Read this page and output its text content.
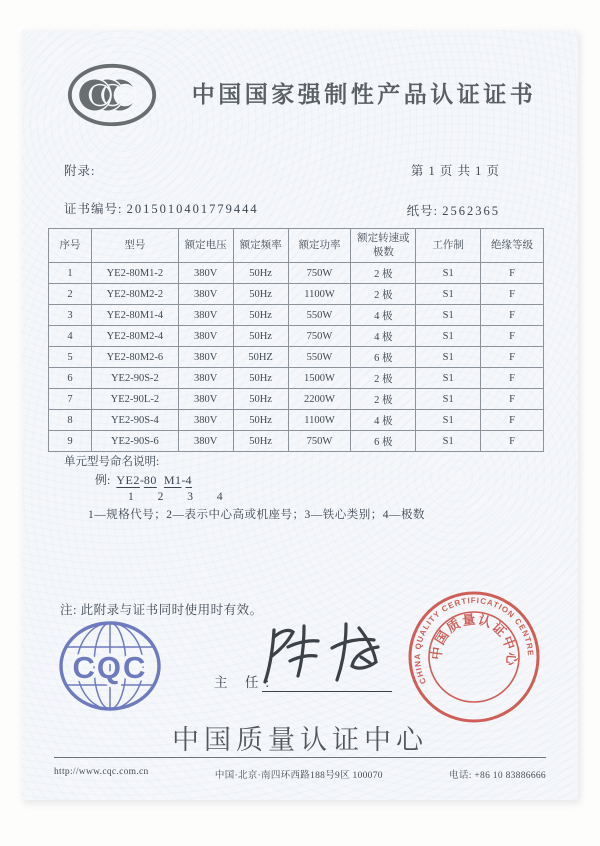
中国国家强制性产品认证证书
附录:	第 1 页 共 1 页
证书编号: 2015010401779444	纸号: 2562365
序号	型号	额定电压	额定频率	额定功率	额定转速或极数	工作制	绝缘等级
1	YE2-80M1-2	380V	50Hz	750W	2 极	S1	F
2	YE2-80M2-2	380V	50Hz	1100W	2 极	S1	F
3	YE2-80M1-4	380V	50Hz	550W	4 极	S1	F
4	YE2-80M2-4	380V	50Hz	750W	4 极	S1	F
5	YE2-80M2-6	380V	50HZ	550W	6 极	S1	F
6	YE2-90S-2	380V	50Hz	1500W	2 极	S1	F
7	YE2-90L-2	380V	50Hz	2200W	2 极	S1	F
8	YE2-90S-4	380V	50Hz	1100W	4 极	S1	F
9	YE2-90S-6	380V	50Hz	750W	6 极	S1	F
单元型号命名说明:
例: YE2-80 M1-4
1 2 3 4
1—规格代号；2—表示中心高或机座号；3—铁心类别；4—极数
注: 此附录与证书同时使用时有效。
CQC	主 任:	CHINA QUALITY CERTIFICATION CENTRE
中国质量认证中心
中国质量认证中心
http://www.cqc.com.cn	中国·北京·南四环西路188号9区 100070	电话: +86 10 83886666
